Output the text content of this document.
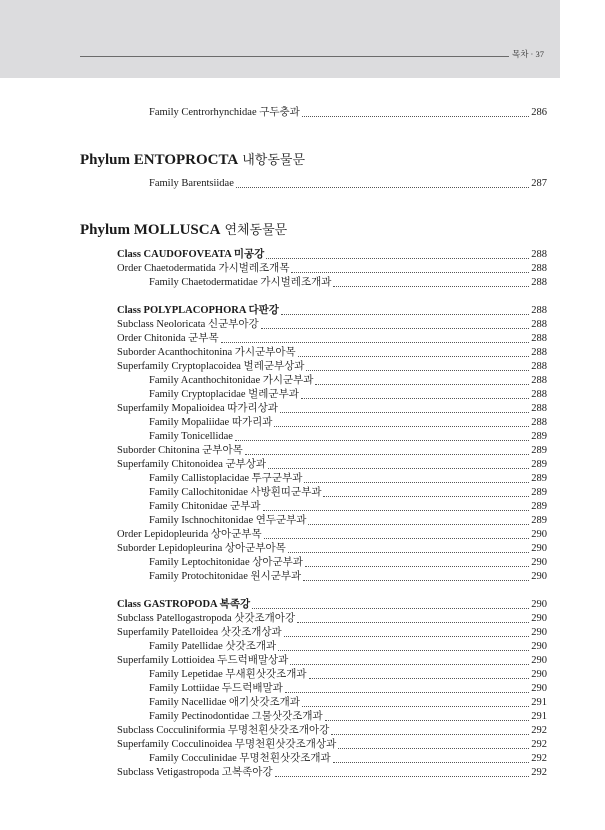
목차 · 37
Family Centrorhynchidae 구두충과	286
Phylum ENTOPROCTA 내항동물문
Family Barentsiidae	287
Phylum MOLLUSCA 연체동물문
Class CAUDOFOVEATA 미공강	288
Order Chaetodermatida 가시벌레조개목	288
Family Chaetodermatidae 가시벌레조개과	288
Class POLYPLACOPHORA 다판강	288
Subclass Neoloricata 신군부아강	288
Order Chitonida 군부목	288
Suborder Acanthochitonina 가시군부아목	288
Superfamily Cryptoplacoidea 벌레군부상과	288
Family Acanthochitonidae 가시군부과	288
Family Cryptoplacidae 벌레군부과	288
Superfamily Mopalioidea 따가리상과	288
Family Mopaliidae 따가리과	288
Family Tonicellidae	289
Suborder Chitonina 군부아목	289
Superfamily Chitonoidea 군부상과	289
Family Callistoplacidae 투구군부과	289
Family Callochitonidae 사방흰띠군부과	289
Family Chitonidae 군부과	289
Family Ischnochitonidae 연두군부과	289
Order Lepidopleurida 상아군부목	290
Suborder Lepidopleurina 상아군부아목	290
Family Leptochitonidae 상아군부과	290
Family Protochitonidae 원시군부과	290
Class GASTROPODA 복족강	290
Subclass Patellogastropoda 삿갓조개아강	290
Superfamily Patelloidea 삿갓조개상과	290
Family Patellidae 삿갓조개과	290
Superfamily Lottioidea 두드럭배말상과	290
Family Lepetidae 무새흰삿갓조개과	290
Family Lottiidae 두드럭배말과	290
Family Nacellidae 애기삿갓조개과	291
Family Pectinodontidae 그물삿갓조개과	291
Subclass Cocculiniformia 무명천흰삿갓조개아강	292
Superfamily Cocculinoidea 무명천흰삿갓조개상과	292
Family Cocculinidae 무명천흰삿갓조개과	292
Subclass Vetigastropoda 고복족아강	292
